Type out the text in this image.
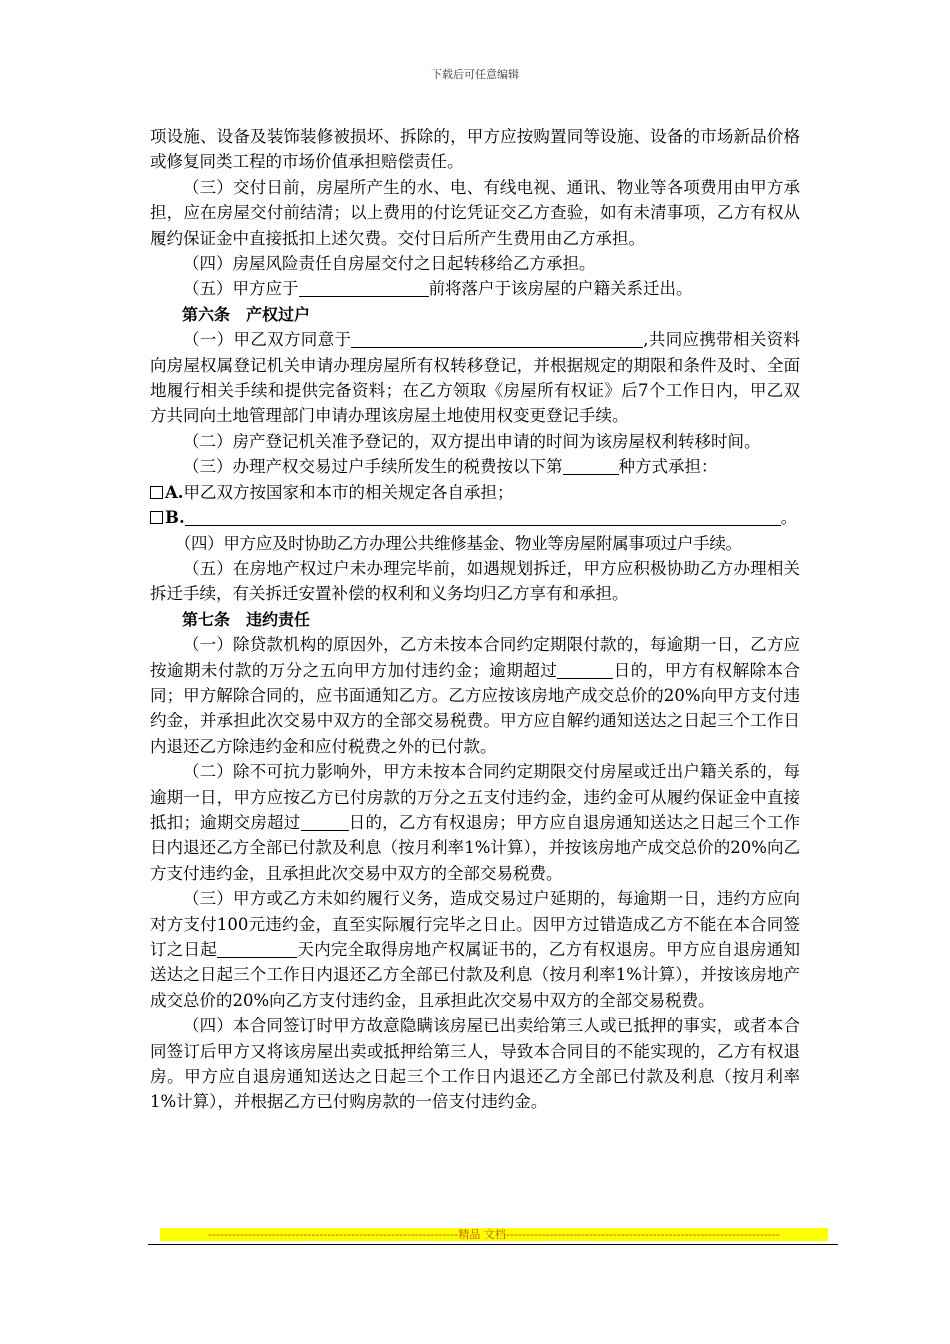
下载后可任意编辑

项设施、设备及装饰装修被损坏、拆除的，甲方应按购置同等设施、设备的市场新品价格或修复同类工程的市场价值承担赔偿责任。

（三）交付日前，房屋所产生的水、电、有线电视、通讯、物业等各项费用由甲方承担，应在房屋交付前结清；以上费用的付讫凭证交乙方查验，如有未清事项，乙方有权从履约保证金中直接抵扣上述欠费。交付日后所产生费用由乙方承担。

（四）房屋风险责任自房屋交付之日起转移给乙方承担。

（五）甲方应于	前将落户于该房屋的户籍关系迁出。

第六条　产权过户

（一）甲乙双方同意于	,共同应携带相关资料向房屋权属登记机关申请办理房屋所有权转移登记，并根据规定的期限和条件及时、全面地履行相关手续和提供完备资料；在乙方领取《房屋所有权证》后7个工作日内，甲乙双方共同向土地管理部门申请办理该房屋土地使用权变更登记手续。

（二）房产登记机关准予登记的，双方提出申请的时间为该房屋权利转移时间。

（三）办理产权交易过户手续所发生的税费按以下第	种方式承担：

A.甲乙双方按国家和本市的相关规定各自承担；

B.	。

（四）甲方应及时协助乙方办理公共维修基金、物业等房屋附属事项过户手续。

（五）在房地产权过户未办理完毕前，如遇规划拆迁，甲方应积极协助乙方办理相关拆迁手续，有关拆迁安置补偿的权利和义务均归乙方享有和承担。

第七条　违约责任

（一）除贷款机构的原因外，乙方未按本合同约定期限付款的，每逾期一日，乙方应按逾期未付款的万分之五向甲方加付违约金；逾期超过	日的，甲方有权解除本合同；甲方解除合同的，应书面通知乙方。乙方应按该房地产成交总价的20%向甲方支付违约金，并承担此次交易中双方的全部交易税费。甲方应自解约通知送达之日起三个工作日内退还乙方除违约金和应付税费之外的已付款。

（二）除不可抗力影响外，甲方未按本合同约定期限交付房屋或迁出户籍关系的，每逾期一日，甲方应按乙方已付房款的万分之五支付违约金，违约金可从履约保证金中直接抵扣；逾期交房超过	日的，乙方有权退房；甲方应自退房通知送达之日起三个工作日内退还乙方全部已付款及利息（按月利率1%计算），并按该房地产成交总价的20%向乙方支付违约金，且承担此次交易中双方的全部交易税费。

（三）甲方或乙方未如约履行义务，造成交易过户延期的，每逾期一日，违约方应向对方支付100元违约金，直至实际履行完毕之日止。因甲方过错造成乙方不能在本合同签订之日起	天内完全取得房地产权属证书的，乙方有权退房。甲方应自退房通知送达之日起三个工作日内退还乙方全部已付款及利息（按月利率1%计算），并按该房地产成交总价的20%向乙方支付违约金，且承担此次交易中双方的全部交易税费。

（四）本合同签订时甲方故意隐瞒该房屋已出卖给第三人或已抵押的事实，或者本合同签订后甲方又将该房屋出卖或抵押给第三人，导致本合同目的不能实现的，乙方有权退房。甲方应自退房通知送达之日起三个工作日内退还乙方全部已付款及利息（按月利率1%计算），并根据乙方已付购房款的一倍支付违约金。

---------------------------------------------------------------精品 文档---------------------------------------------------------------------
